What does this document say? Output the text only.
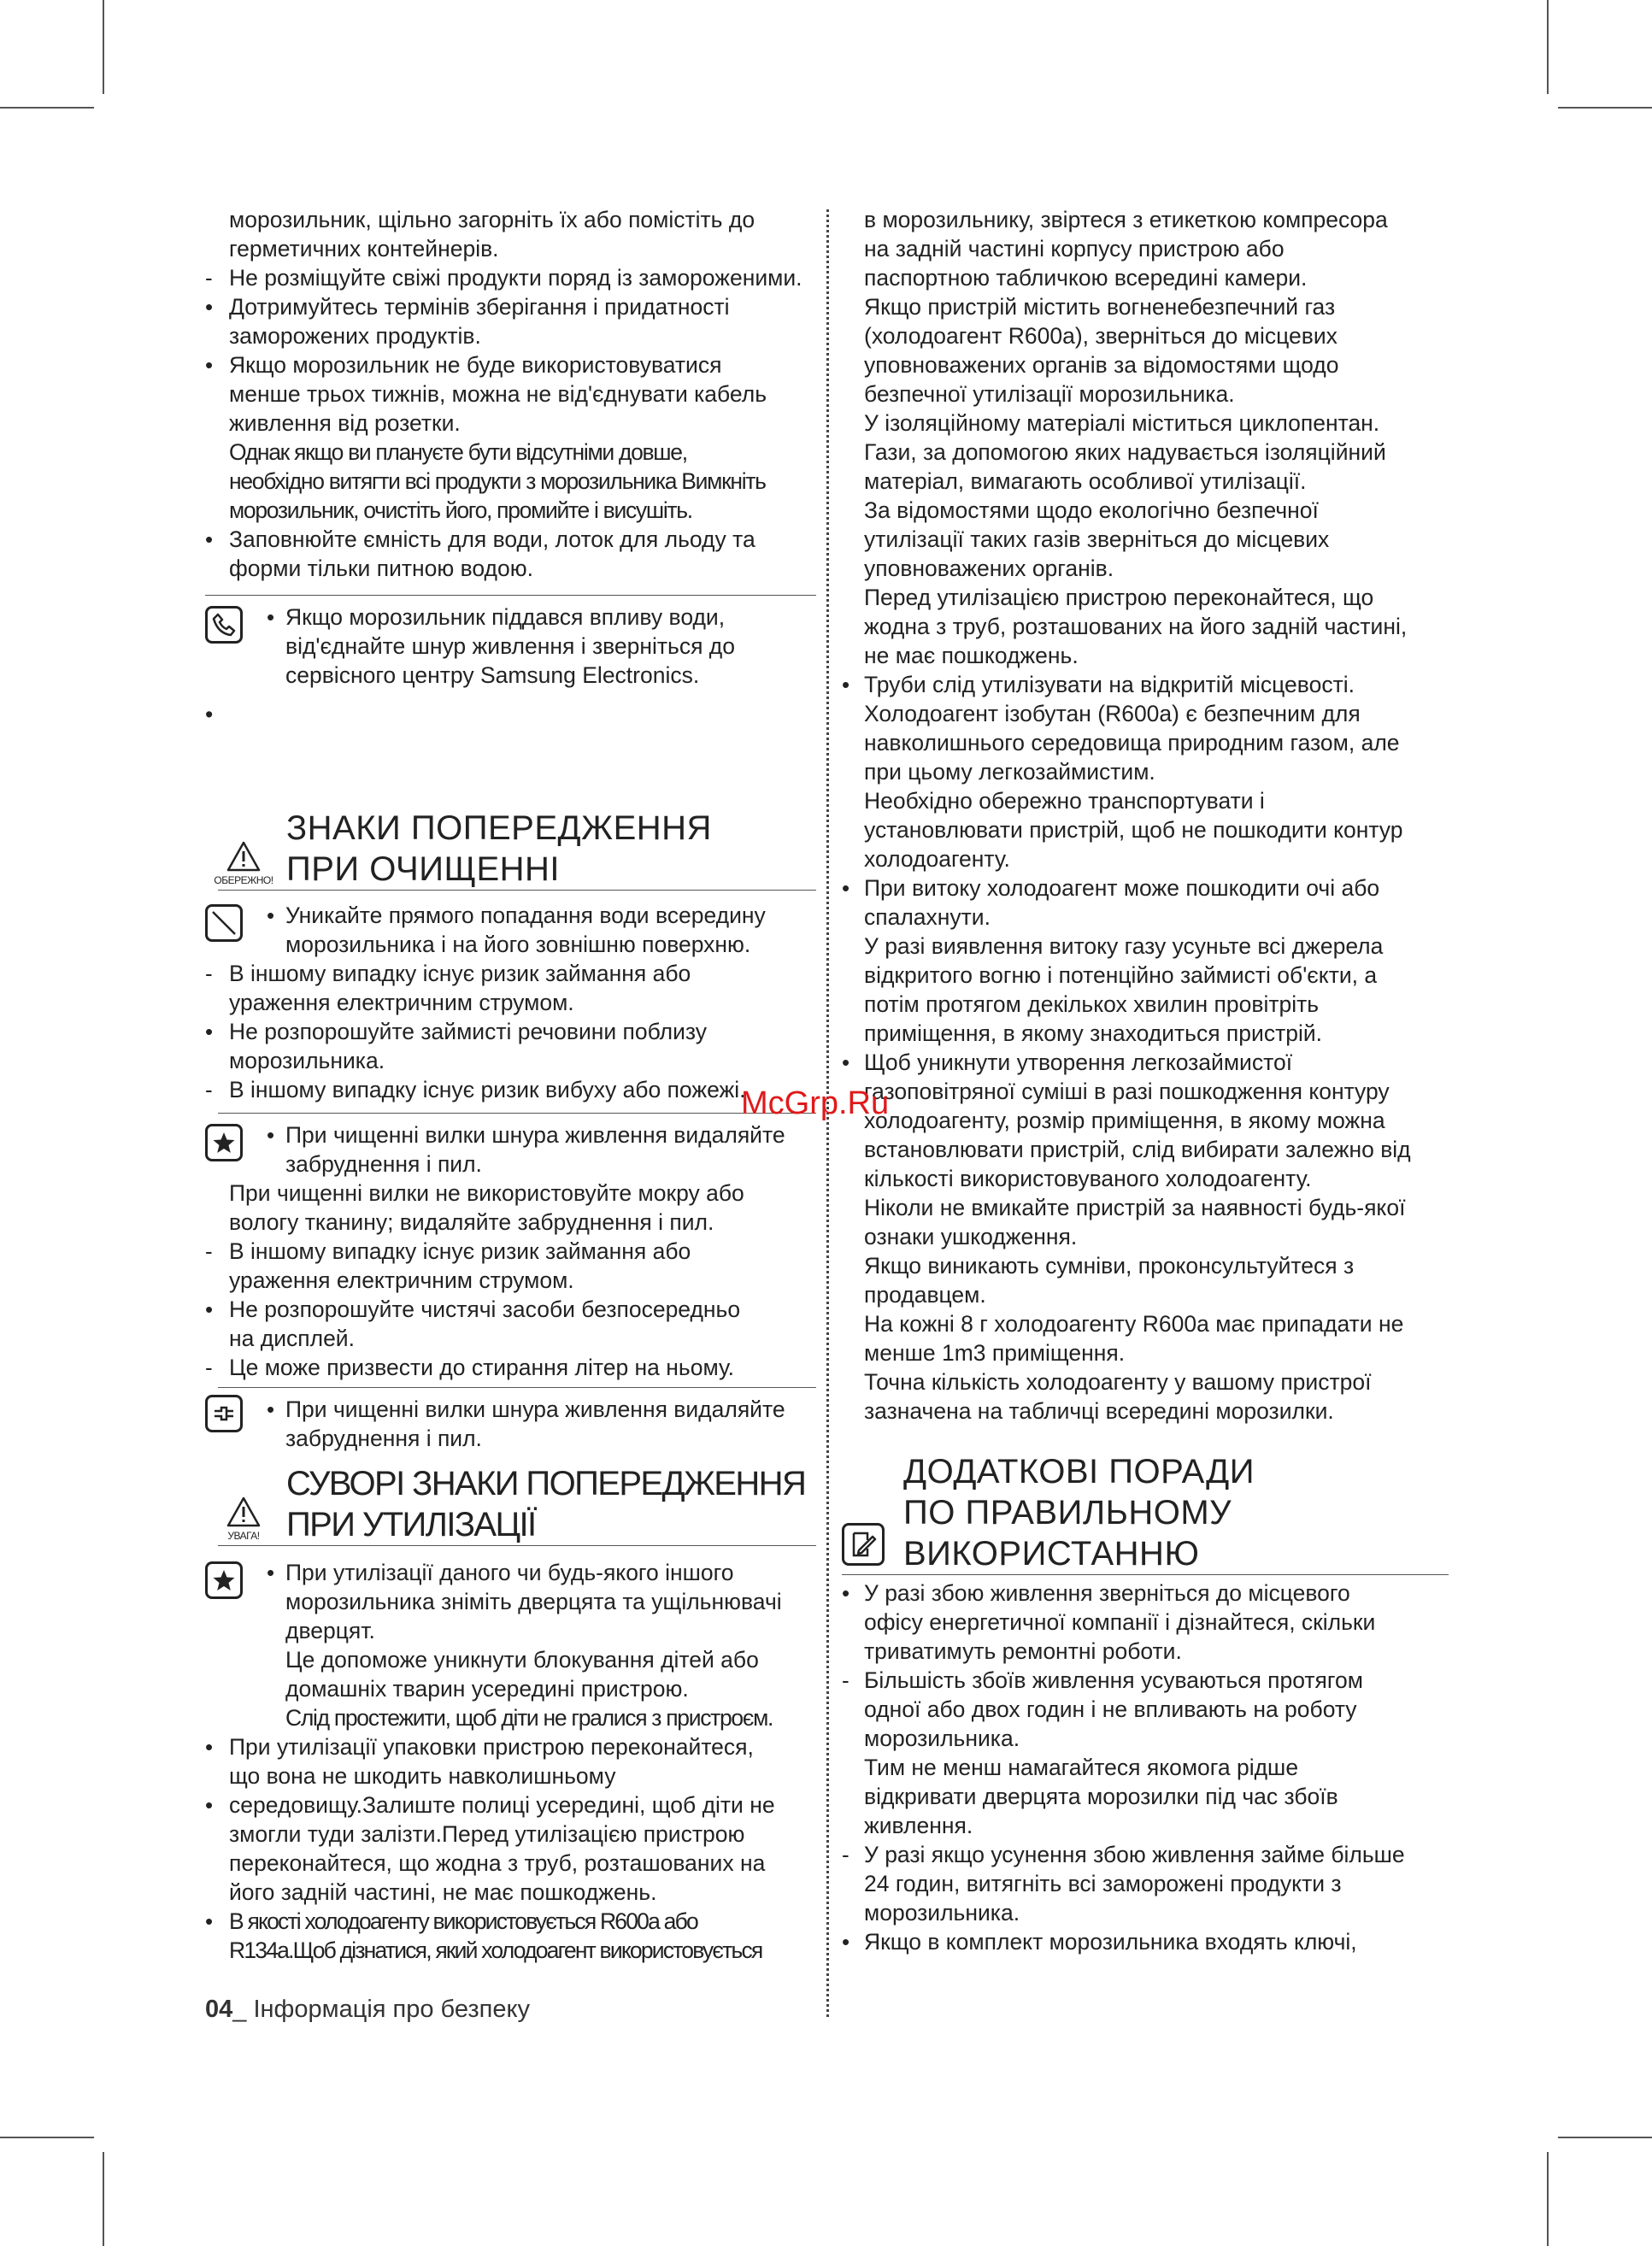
морозильник, щільно загорніть їх або помістіть до
герметичних контейнерів.
- Не розміщуйте свіжі продукти поряд із замороженими.
• Дотримуйтесь термінів зберігання і придатності
заморожених продуктів.
• Якщо морозильник не буде використовуватися
менше трьох тижнів, можна не від'єднувати кабель
живлення від розетки.
Однак якщо ви плануєте бути відсутніми довше,
необхідно витягти всі продукти з морозильника Вимкніть
морозильник, очистіть його, промийте і висушіть.
• Заповнюйте ємність для води, лоток для льоду та
форми тільки питною водою.
• Якщо морозильник піддався впливу води,
від'єднайте шнур живлення і зверніться до
сервісного центру Samsung Electronics.
•
ОБЕРЕЖНО!
ЗНАКИ ПОПЕРЕДЖЕННЯ
ПРИ ОЧИЩЕННІ
• Уникайте прямого попадання води всередину
морозильника і на його зовнішню поверхню.
- В іншому випадку існує ризик займання або
ураження електричним струмом.
• Не розпорошуйте займисті речовини поблизу
морозильника.
- В іншому випадку існує ризик вибуху або пожежі.
• При чищенні вилки шнура живлення видаляйте
забруднення і пил.
При чищенні вилки не використовуйте мокру або
вологу тканину; видаляйте забруднення і пил.
- В іншому випадку існує ризик займання або
ураження електричним струмом.
• Не розпорошуйте чистячі засоби безпосередньо
на дисплей.
- Це може призвести до стирання літер на ньому.
• При чищенні вилки шнура живлення видаляйте
забруднення і пил.
УВАГА!
СУВОРІ ЗНАКИ ПОПЕРЕДЖЕННЯ
ПРИ УТИЛІЗАЦІЇ
• При утилізації даного чи будь-якого іншого
морозильника зніміть дверцята та ущільнювачі
дверцят.
Це допоможе уникнути блокування дітей або
домашніх тварин усередині пристрою.
Слід простежити, щоб діти не гралися з пристроєм.
• При утилізації упаковки пристрою переконайтеся,
що вона не шкодить навколишньому
• середовищу.Залиште полиці усередині, щоб діти не
змогли туди залізти.Перед утилізацією пристрою
переконайтеся, що жодна з труб, розташованих на
його задній частині, не має пошкоджень.
• В якості холодоагенту використовується R600a або
R134a.Щоб дізнатися, який холодоагент використовується
в морозильнику, звіртеся з етикеткою компресора
на задній частині корпусу пристрою або
паспортною табличкою всередині камери.
Якщо пристрій містить вогненебезпечний газ
(холодоагент R600a), зверніться до місцевих
уповноважених органів за відомостями щодо
безпечної утилізації морозильника.
У ізоляційному матеріалі міститься циклопентан.
Гази, за допомогою яких надувається ізоляційний
матеріал, вимагають особливої утилізації.
За відомостями щодо екологічно безпечної
утилізації таких газів зверніться до місцевих
уповноважених органів.
Перед утилізацією пристрою переконайтеся, що
жодна з труб, розташованих на його задній частині,
не має пошкоджень.
• Труби слід утилізувати на відкритій місцевості.
Холодоагент ізобутан (R600a) є безпечним для
навколишнього середовища природним газом, але
при цьому легкозаймистим.
Необхідно обережно транспортувати і
установлювати пристрій, щоб не пошкодити контур
холодоагенту.
• При витоку холодоагент може пошкодити очі або
спалахнути.
У разі виявлення витоку газу усуньте всі джерела
відкритого вогню і потенційно займисті об'єкти, а
потім протягом декількох хвилин провітріть
приміщення, в якому знаходиться пристрій.
• Щоб уникнути утворення легкозаймистої
газоповітряної суміші в разі пошкодження контуру
холодоагенту, розмір приміщення, в якому можна
встановлювати пристрій, слід вибирати залежно від
кількості використовуваного холодоагенту.
Ніколи не вмикайте пристрій за наявності будь-якої
ознаки ушкодження.
Якщо виникають сумніви, проконсультуйтеся з
продавцем.
На кожні 8 г холодоагенту R600a має припадати не
менше 1m3 приміщення.
Точна кількість холодоагенту у вашому пристрої
зазначена на табличці всередині морозилки.
ДОДАТКОВІ ПОРАДИ
ПО ПРАВИЛЬНОМУ
ВИКОРИСТАННЮ
• У разі збою живлення зверніться до місцевого
офісу енергетичної компанії і дізнайтеся, скільки
триватимуть ремонтні роботи.
- Більшість збоїв живлення усуваються протягом
одної або двох годин і не впливають на роботу
морозильника.
Тим не менш намагайтеся якомога рідше
відкривати дверцята морозилки під час збоїв
живлення.
- У разі якщо усунення збою живлення займе більше
24 годин, витягніть всі заморожені продукти з
морозильника.
• Якщо в комплект морозильника входять ключі,
McGrp.Ru
04_ Інформація про безпеку
